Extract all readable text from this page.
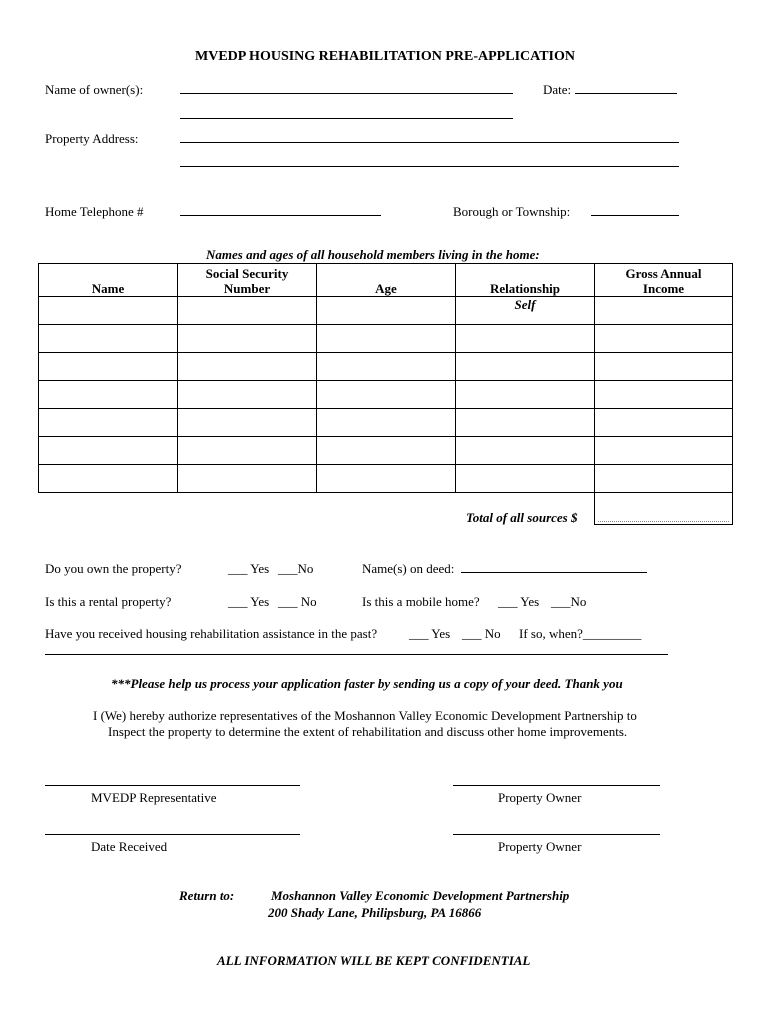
MVEDP HOUSING REHABILITATION PRE-APPLICATION
Name of owner(s):	Date:
Property Address:
Home Telephone #	Borough or Township:
Names and ages of all household members living in the home:
Name	Social Security Number	Age	Relationship	Gross Annual Income
			Self	

Total of all sources $
Do you own the property?	___ Yes ___No	Name(s) on deed:
Is this a rental property?	___ Yes ___ No	Is this a mobile home? ___ Yes ___No
Have you received housing rehabilitation assistance in the past? ___ Yes ___ No If so, when?_________
***Please help us process your application faster by sending us a copy of your deed. Thank you
I (We) hereby authorize representatives of the Moshannon Valley Economic Development Partnership to
Inspect the property to determine the extent of rehabilitation and discuss other home improvements.
MVEDP Representative	Property Owner
Date Received	Property Owner
Return to:	Moshannon Valley Economic Development Partnership
200 Shady Lane, Philipsburg, PA 16866
ALL INFORMATION WILL BE KEPT CONFIDENTIAL
